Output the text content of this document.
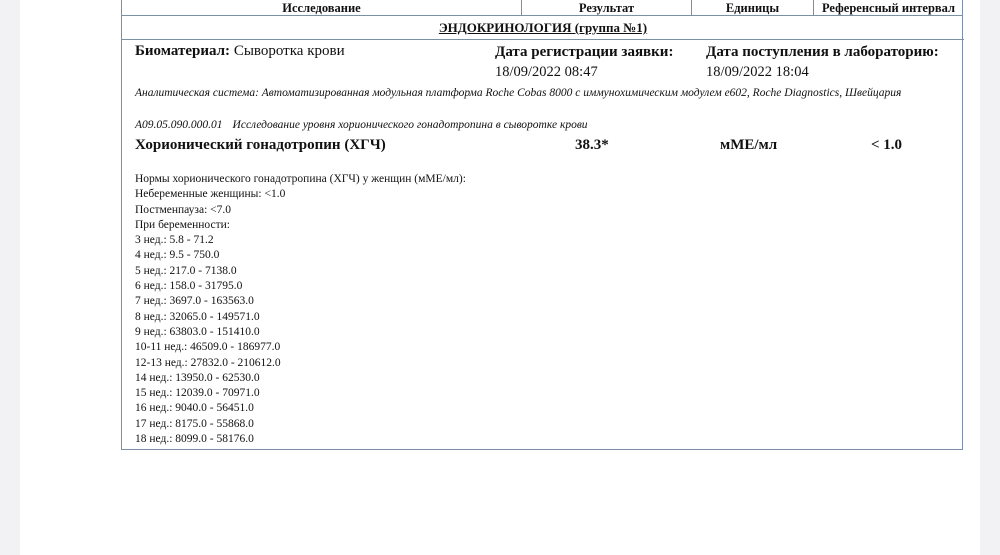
Исследование	Результат	Единицы	Референсный интервал
ЭНДОКРИНОЛОГИЯ (группа №1)
Биоматериал: Сыворотка крови	Дата регистрации заявки:
18/09/2022 08:47
Дата поступления в лабораторию:
18/09/2022 18:04
Аналитическая система: Автоматизированная модульная платформа Roche Cobas 8000 с иммунохимическим модулем e602, Roche Diagnostics, Швейцария
A09.05.090.000.01 Исследование уровня хорионического гонадотропина в сыворотке крови
Хорионический гонадотропин (ХГЧ)	38.3*	мМЕ/мл	< 1.0
Нормы хорионического гонадотропина (ХГЧ) у женщин (мМЕ/мл):
Небеременные женщины: <1.0
Постменпауза: <7.0
При беременности:
3 нед.: 5.8 - 71.2
4 нед.: 9.5 - 750.0
5 нед.: 217.0 - 7138.0
6 нед.: 158.0 - 31795.0
7 нед.: 3697.0 - 163563.0
8 нед.: 32065.0 - 149571.0
9 нед.: 63803.0 - 151410.0
10-11 нед.: 46509.0 - 186977.0
12-13 нед.: 27832.0 - 210612.0
14 нед.: 13950.0 - 62530.0
15 нед.: 12039.0 - 70971.0
16 нед.: 9040.0 - 56451.0
17 нед.: 8175.0 - 55868.0
18 нед.: 8099.0 - 58176.0
